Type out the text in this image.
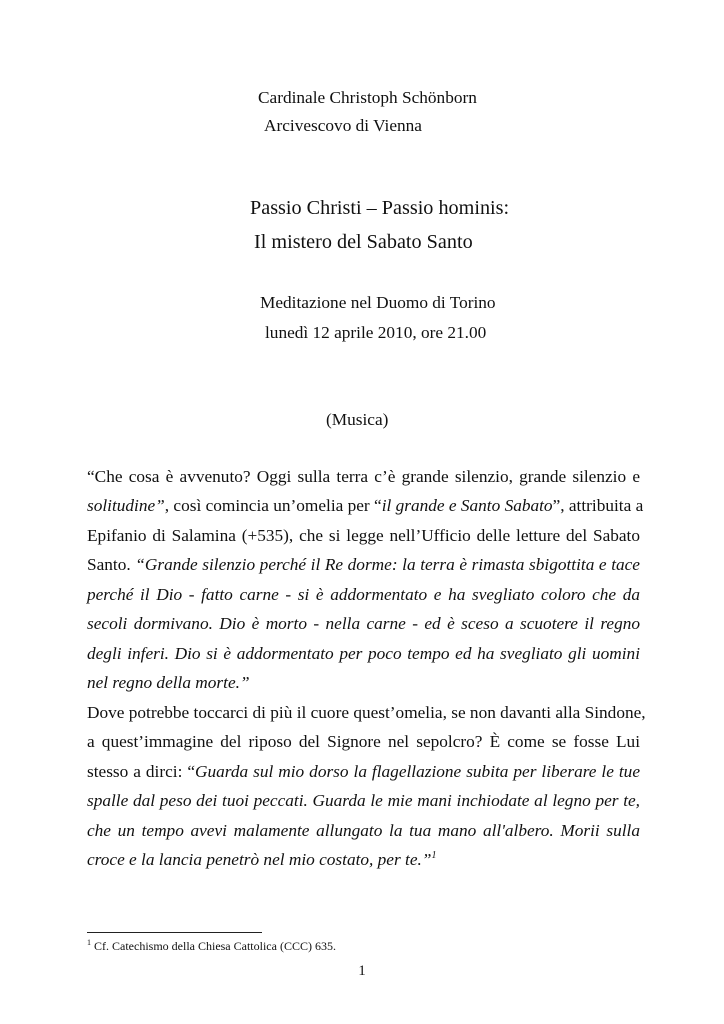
Cardinale Christoph Schönborn
Arcivescovo di Vienna
Passio Christi – Passio hominis:
Il mistero del Sabato Santo
Meditazione nel Duomo di Torino
lunedì 12 aprile 2010, ore 21.00
(Musica)
“Che cosa è avvenuto? Oggi sulla terra c’è grande silenzio, grande silenzio e
solitudine”, così comincia un’omelia per “il grande e Santo Sabato”, attribuita a
Epifanio di Salamina (+535), che si legge nell’Ufficio delle letture del Sabato
Santo. “Grande silenzio perché il Re dorme: la terra è rimasta sbigottita e tace
perché il Dio - fatto carne - si è addormentato e ha svegliato coloro che da
secoli dormivano. Dio è morto - nella carne - ed è sceso a scuotere il regno
degli inferi. Dio si è addormentato per poco tempo ed ha svegliato gli uomini
nel regno della morte.”
Dove potrebbe toccarci di più il cuore quest’omelia, se non davanti alla Sindone,
a quest’immagine del riposo del Signore nel sepolcro? È come se fosse Lui
stesso a dirci: “Guarda sul mio dorso la flagellazione subita per liberare le tue
spalle dal peso dei tuoi peccati. Guarda le mie mani inchiodate al legno per te,
che un tempo avevi malamente allungato la tua mano all'albero. Morii sulla
croce e la lancia penetrò nel mio costato, per te.”$^1$
$^1$ Cf. Catechismo della Chiesa Cattolica (CCC) 635.
1
